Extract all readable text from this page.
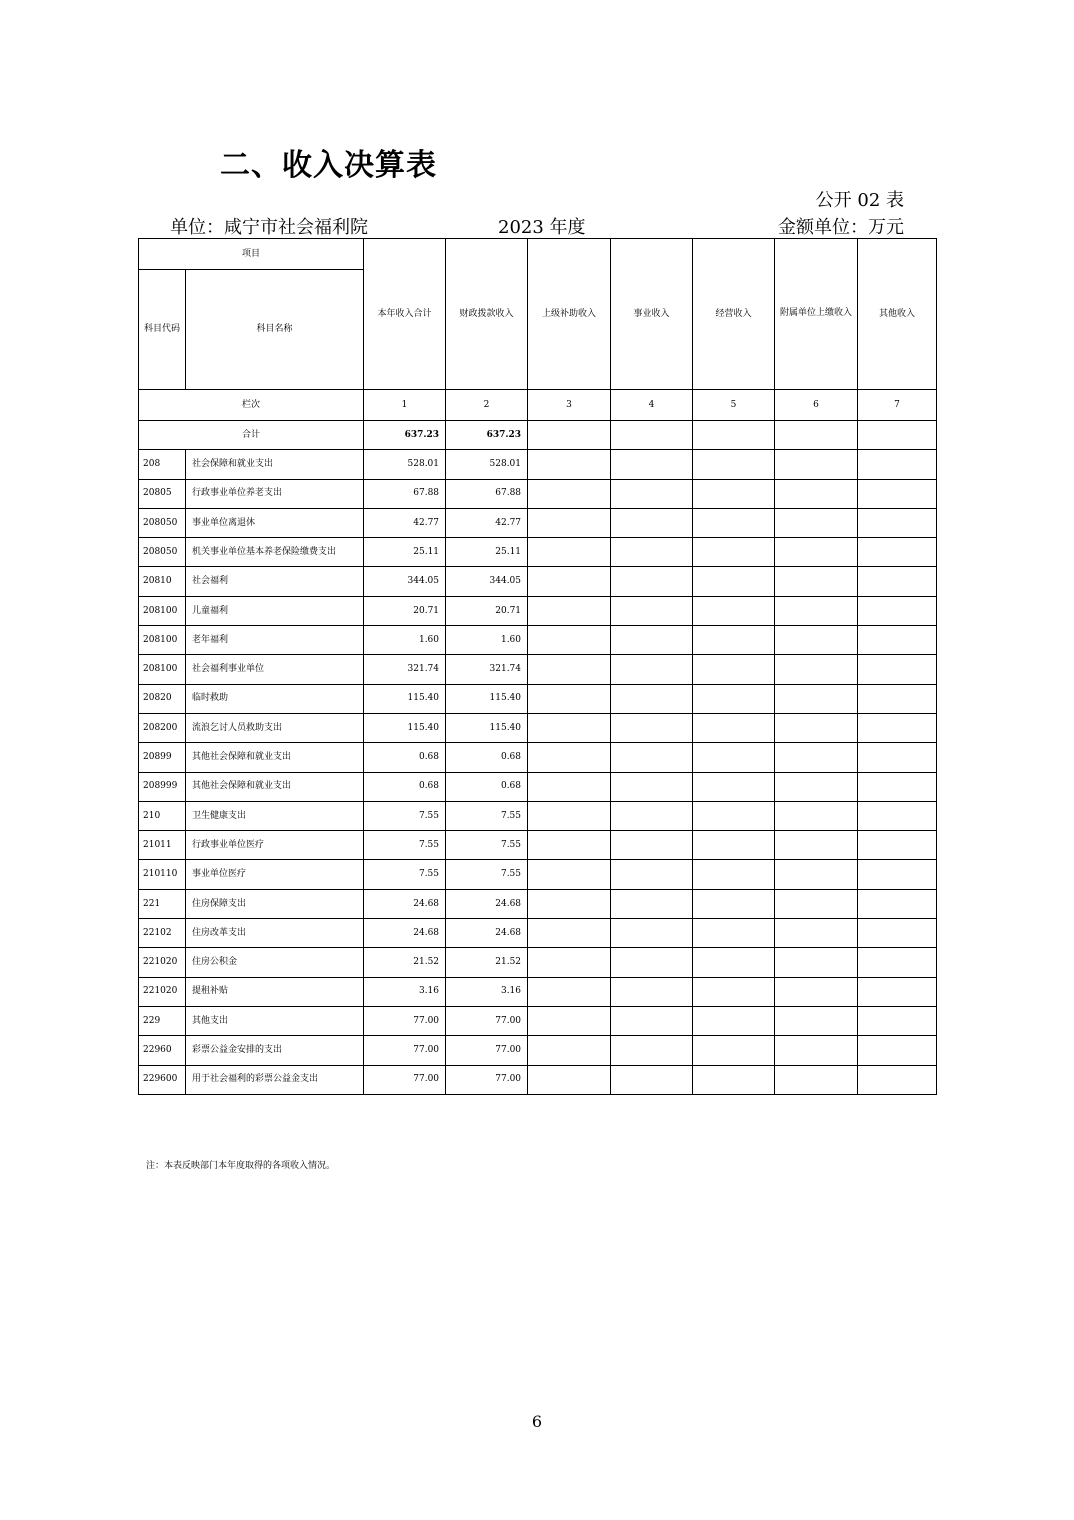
二、收入决算表
公开 02 表
单位：咸宁市社会福利院	2023 年度	金额单位：万元
项目		本年收入合计	财政拨款收入	上级补助收入	事业收入	经营收入	附属单位上缴收入	其他收入
科目代码	科目名称							
栏次		1	2	3	4	5	6	7
合计		637.23	637.23					
208	社会保障和就业支出	528.01	528.01					
20805	行政事业单位养老支出	67.88	67.88					
208050	事业单位离退休	42.77	42.77					
208050	机关事业单位基本养老保险缴费支出	25.11	25.11					
20810	社会福利	344.05	344.05					
208100	儿童福利	20.71	20.71					
208100	老年福利	1.60	1.60					
208100	社会福利事业单位	321.74	321.74					
20820	临时救助	115.40	115.40					
208200	流浪乞讨人员救助支出	115.40	115.40					
20899	其他社会保障和就业支出	0.68	0.68					
208999	其他社会保障和就业支出	0.68	0.68					
210	卫生健康支出	7.55	7.55					
21011	行政事业单位医疗	7.55	7.55					
210110	事业单位医疗	7.55	7.55					
221	住房保障支出	24.68	24.68					
22102	住房改革支出	24.68	24.68					
221020	住房公积金	21.52	21.52					
221020	提租补贴	3.16	3.16					
229	其他支出	77.00	77.00					
22960	彩票公益金安排的支出	77.00	77.00					
229600	用于社会福利的彩票公益金支出	77.00	77.00					
注：本表反映部门本年度取得的各项收入情况。
6
